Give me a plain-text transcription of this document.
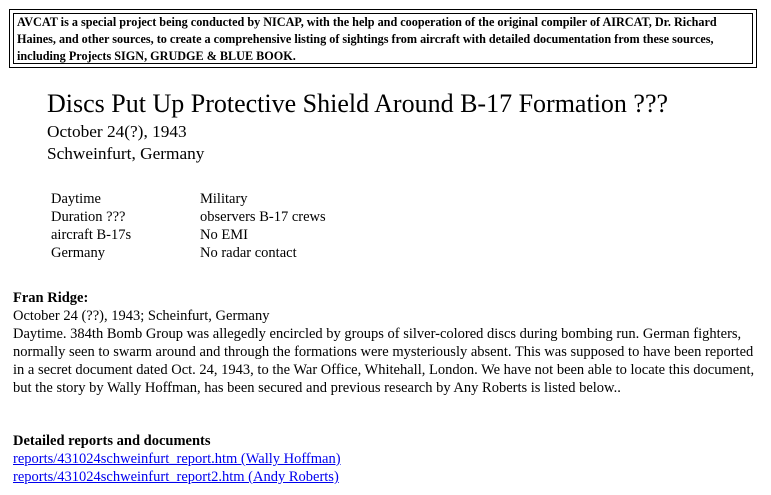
AVCAT is a special project being conducted by NICAP, with the help and cooperation of the original compiler of AIRCAT, Dr. Richard Haines, and other sources, to create a comprehensive listing of sightings from aircraft with detailed documentation from these sources, including Projects SIGN, GRUDGE & BLUE BOOK.
Discs Put Up Protective Shield Around B-17 Formation ???
October 24(?), 1943
Schweinfurt, Germany
Daytime	Military
Duration ???	observers B-17 crews
aircraft B-17s	No EMI
Germany	No radar contact
Fran Ridge:
October 24 (??), 1943; Scheinfurt, Germany
Daytime. 384th Bomb Group was allegedly encircled by groups of silver-colored discs during bombing run. German fighters, normally seen to swarm around and through the formations were mysteriously absent. This was supposed to have been reported in a secret document dated Oct. 24, 1943, to the War Office, Whitehall, London. We have not been able to locate this document, but the story by Wally Hoffman, has been secured and previous research by Any Roberts is listed below..
Detailed reports and documents
reports/431024schweinfurt_report.htm (Wally Hoffman)
reports/431024schweinfurt_report2.htm (Andy Roberts)
